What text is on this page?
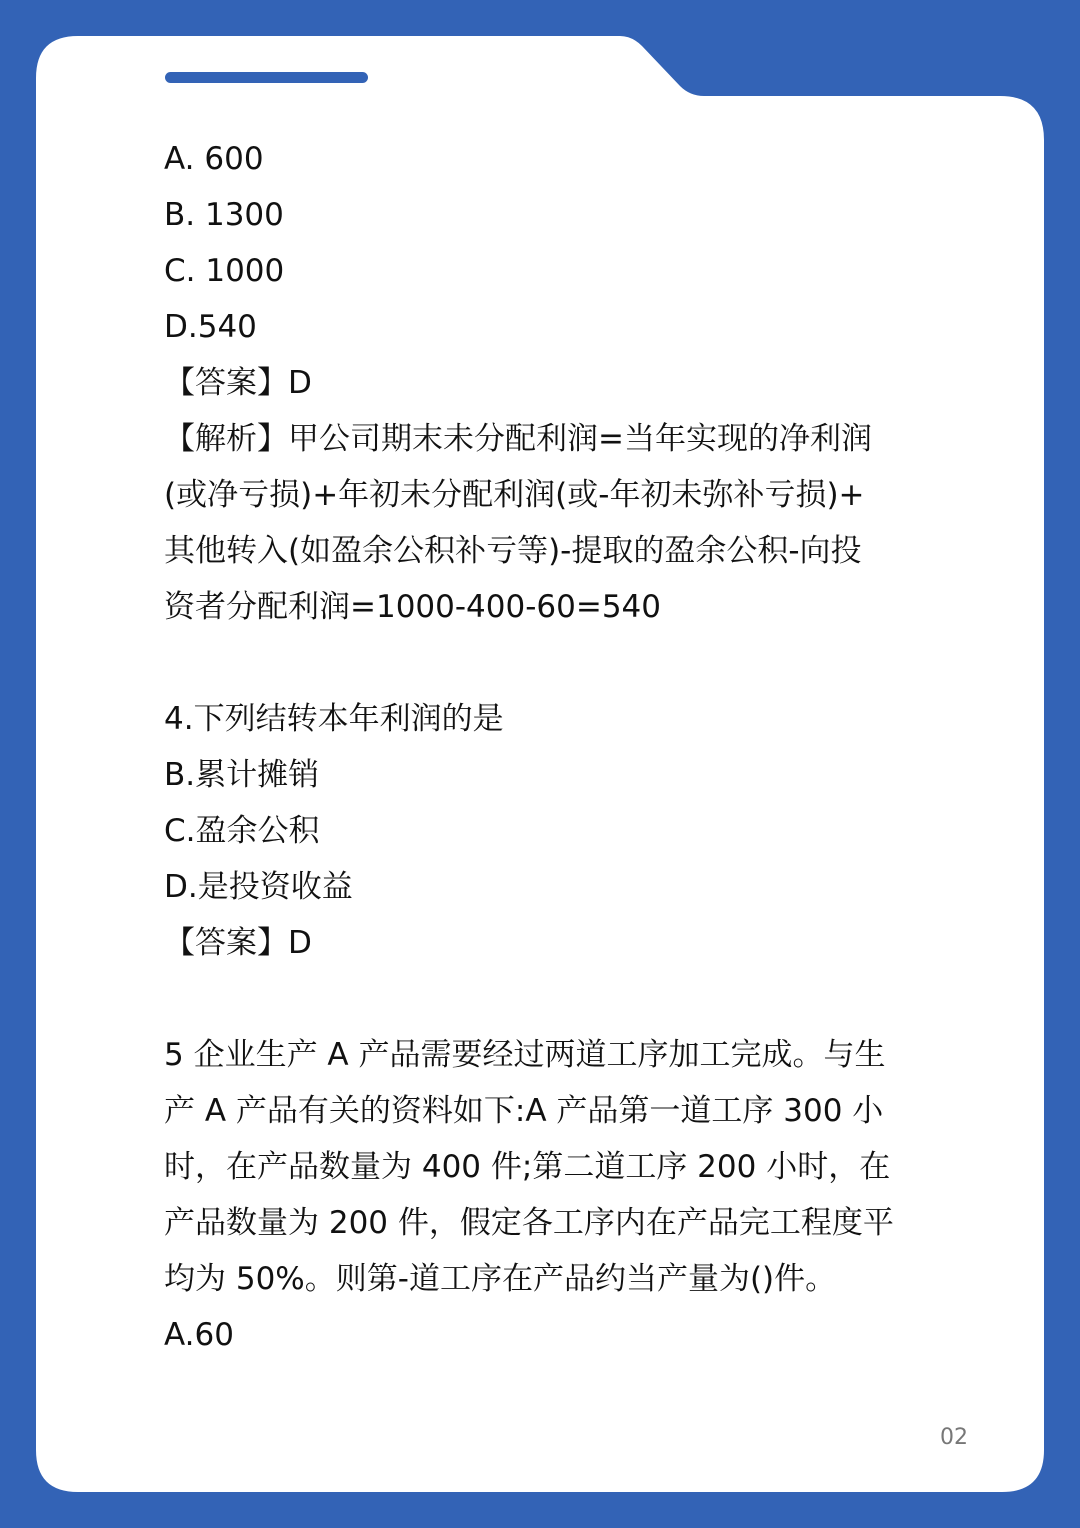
A. 600
B. 1300
C. 1000
D.540
【答案】D
【解析】甲公司期末未分配利润=当年实现的净利润
(或净亏损)+年初未分配利润(或-年初未弥补亏损)+
其他转入(如盈余公积补亏等)-提取的盈余公积-向投
资者分配利润=1000-400-60=540
4.下列结转本年利润的是
B.累计摊销
C.盈余公积
D.是投资收益
【答案】D
5 企业生产 A 产品需要经过两道工序加工完成。与生
产 A 产品有关的资料如下:A 产品第一道工序 300 小
时，在产品数量为 400 件;第二道工序 200 小时，在
产品数量为 200 件，假定各工序内在产品完工程度平
均为 50%。则第-道工序在产品约当产量为()件。
A.60
02
